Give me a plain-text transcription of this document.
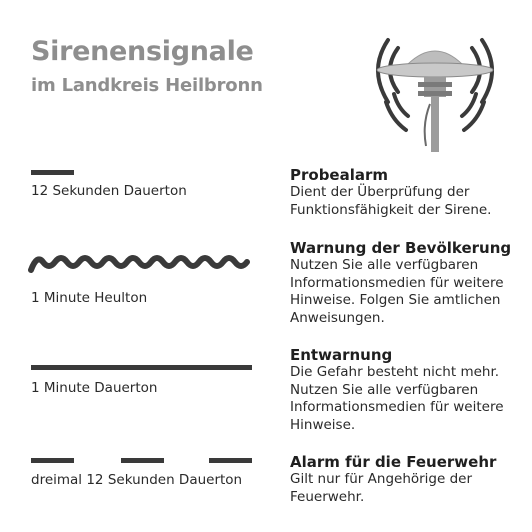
Sirenensignale
im Landkreis Heilbronn
12 Sekunden Dauerton
Probealarm
Dient der Überprüfung der Funktionsfähigkeit der Sirene.
1 Minute Heulton
Warnung der Bevölkerung
Nutzen Sie alle verfügbaren Informationsmedien für weitere Hinweise. Folgen Sie amtlichen Anweisungen.
1 Minute Dauerton
Entwarnung
Die Gefahr besteht nicht mehr. Nutzen Sie alle verfügbaren Informationsmedien für weitere Hinweise.
dreimal 12 Sekunden Dauerton
Alarm für die Feuerwehr
Gilt nur für Angehörige der Feuerwehr.
